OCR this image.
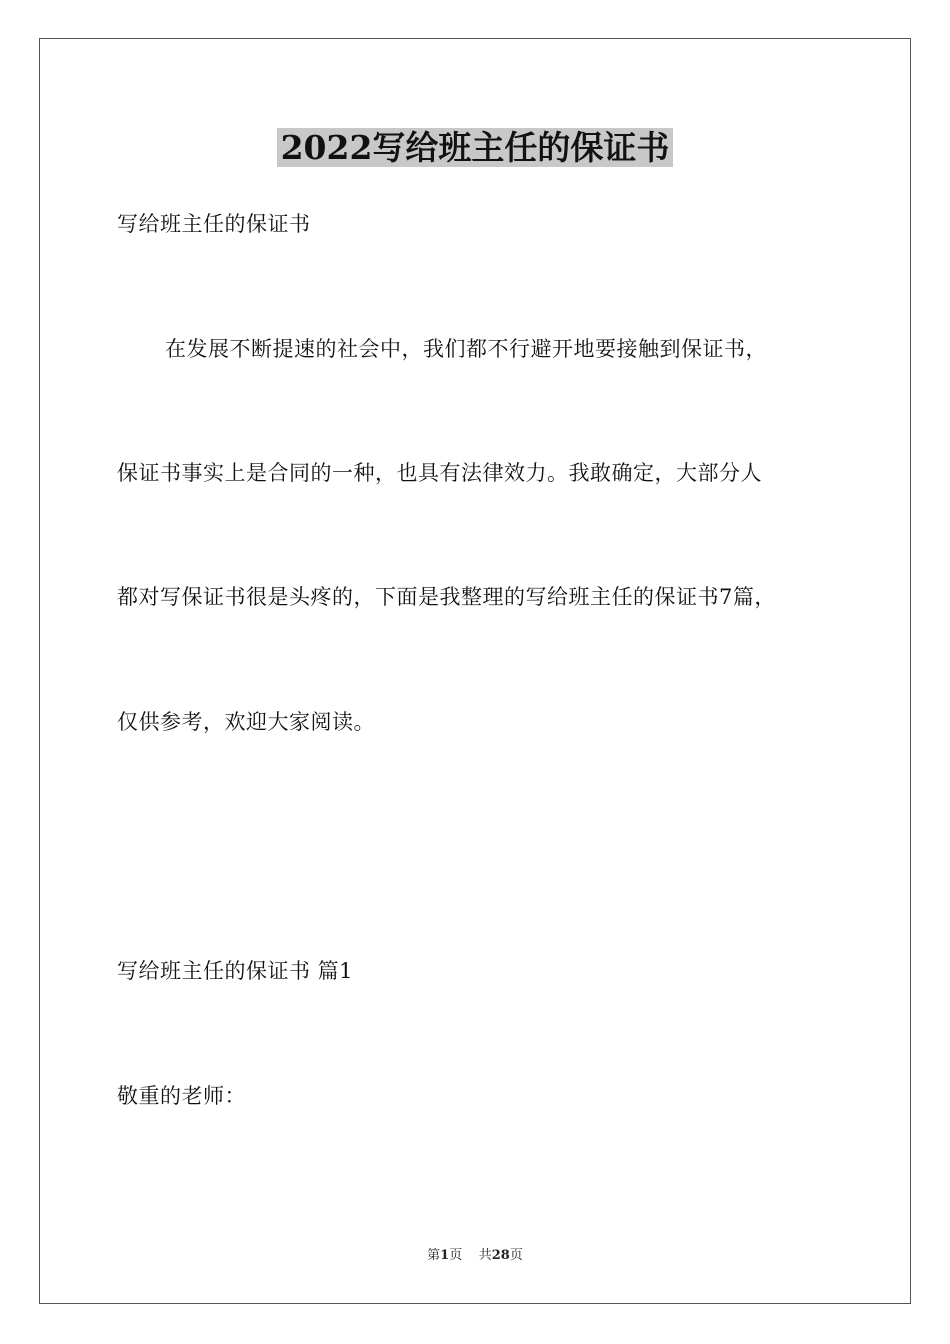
2022写给班主任的保证书
写给班主任的保证书
在发展不断提速的社会中，我们都不行避开地要接触到保证书，
保证书事实上是合同的一种，也具有法律效力。我敢确定，大部分人
都对写保证书很是头疼的，下面是我整理的写给班主任的保证书7篇，
仅供参考，欢迎大家阅读。
写给班主任的保证书 篇1
敬重的老师：
第1页 共28页
